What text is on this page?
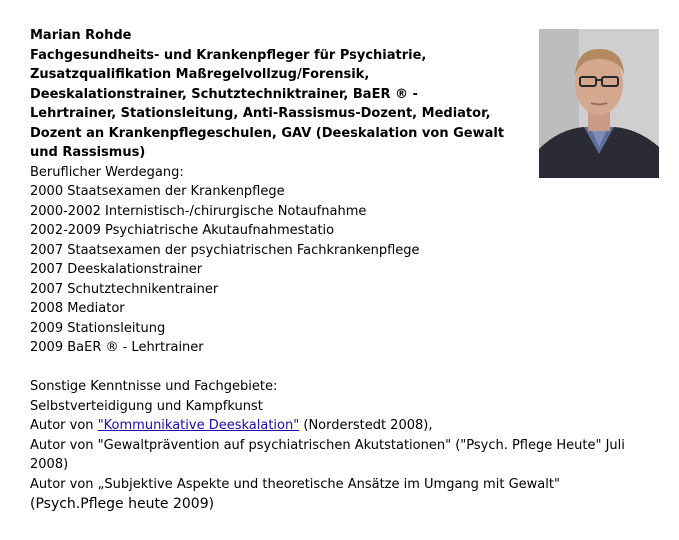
Marian Rohde
Fachgesundheits- und Krankenpfleger für Psychiatrie,
Zusatzqualifikation Maßregelvollzug/Forensik,
Deeskalationstrainer, Schutztechniktrainer, BaER ® -
Lehrtrainer, Stationsleitung, Anti-Rassismus-Dozent, Mediator,
Dozent an Krankenpflegeschulen, GAV (Deeskalation von Gewalt
und Rassismus)
Beruflicher Werdegang:
2000 Staatsexamen der Krankenpflege
2000-2002 Internistisch-/chirurgische Notaufnahme
2002-2009 Psychiatrische Akutaufnahmestatio
2007 Staatsexamen der psychiatrischen Fachkrankenpflege
2007 Deeskalationstrainer
2007 Schutztechnikentrainer
2008 Mediator
2009 Stationsleitung
2009 BaER ® - Lehrtrainer
Sonstige Kenntnisse und Fachgebiete:
Selbstverteidigung und Kampfkunst
Autor von "Kommunikative Deeskalation" (Norderstedt 2008),
Autor von "Gewaltprävention auf psychiatrischen Akutstationen" ("Psych. Pflege Heute" Juli 2008)
Autor von „Subjektive Aspekte und theoretische Ansätze im Umgang mit Gewalt"
(Psych.Pflege heute 2009)
